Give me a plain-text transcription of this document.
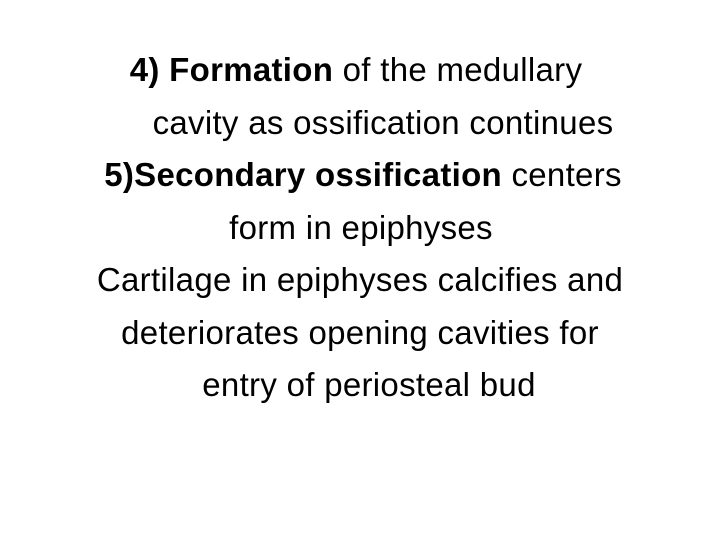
4) Formation of the medullary
cavity as ossification continues
5)Secondary ossification centers
form in epiphyses
Cartilage in epiphyses calcifies and
deteriorates opening cavities for
entry of periosteal bud
